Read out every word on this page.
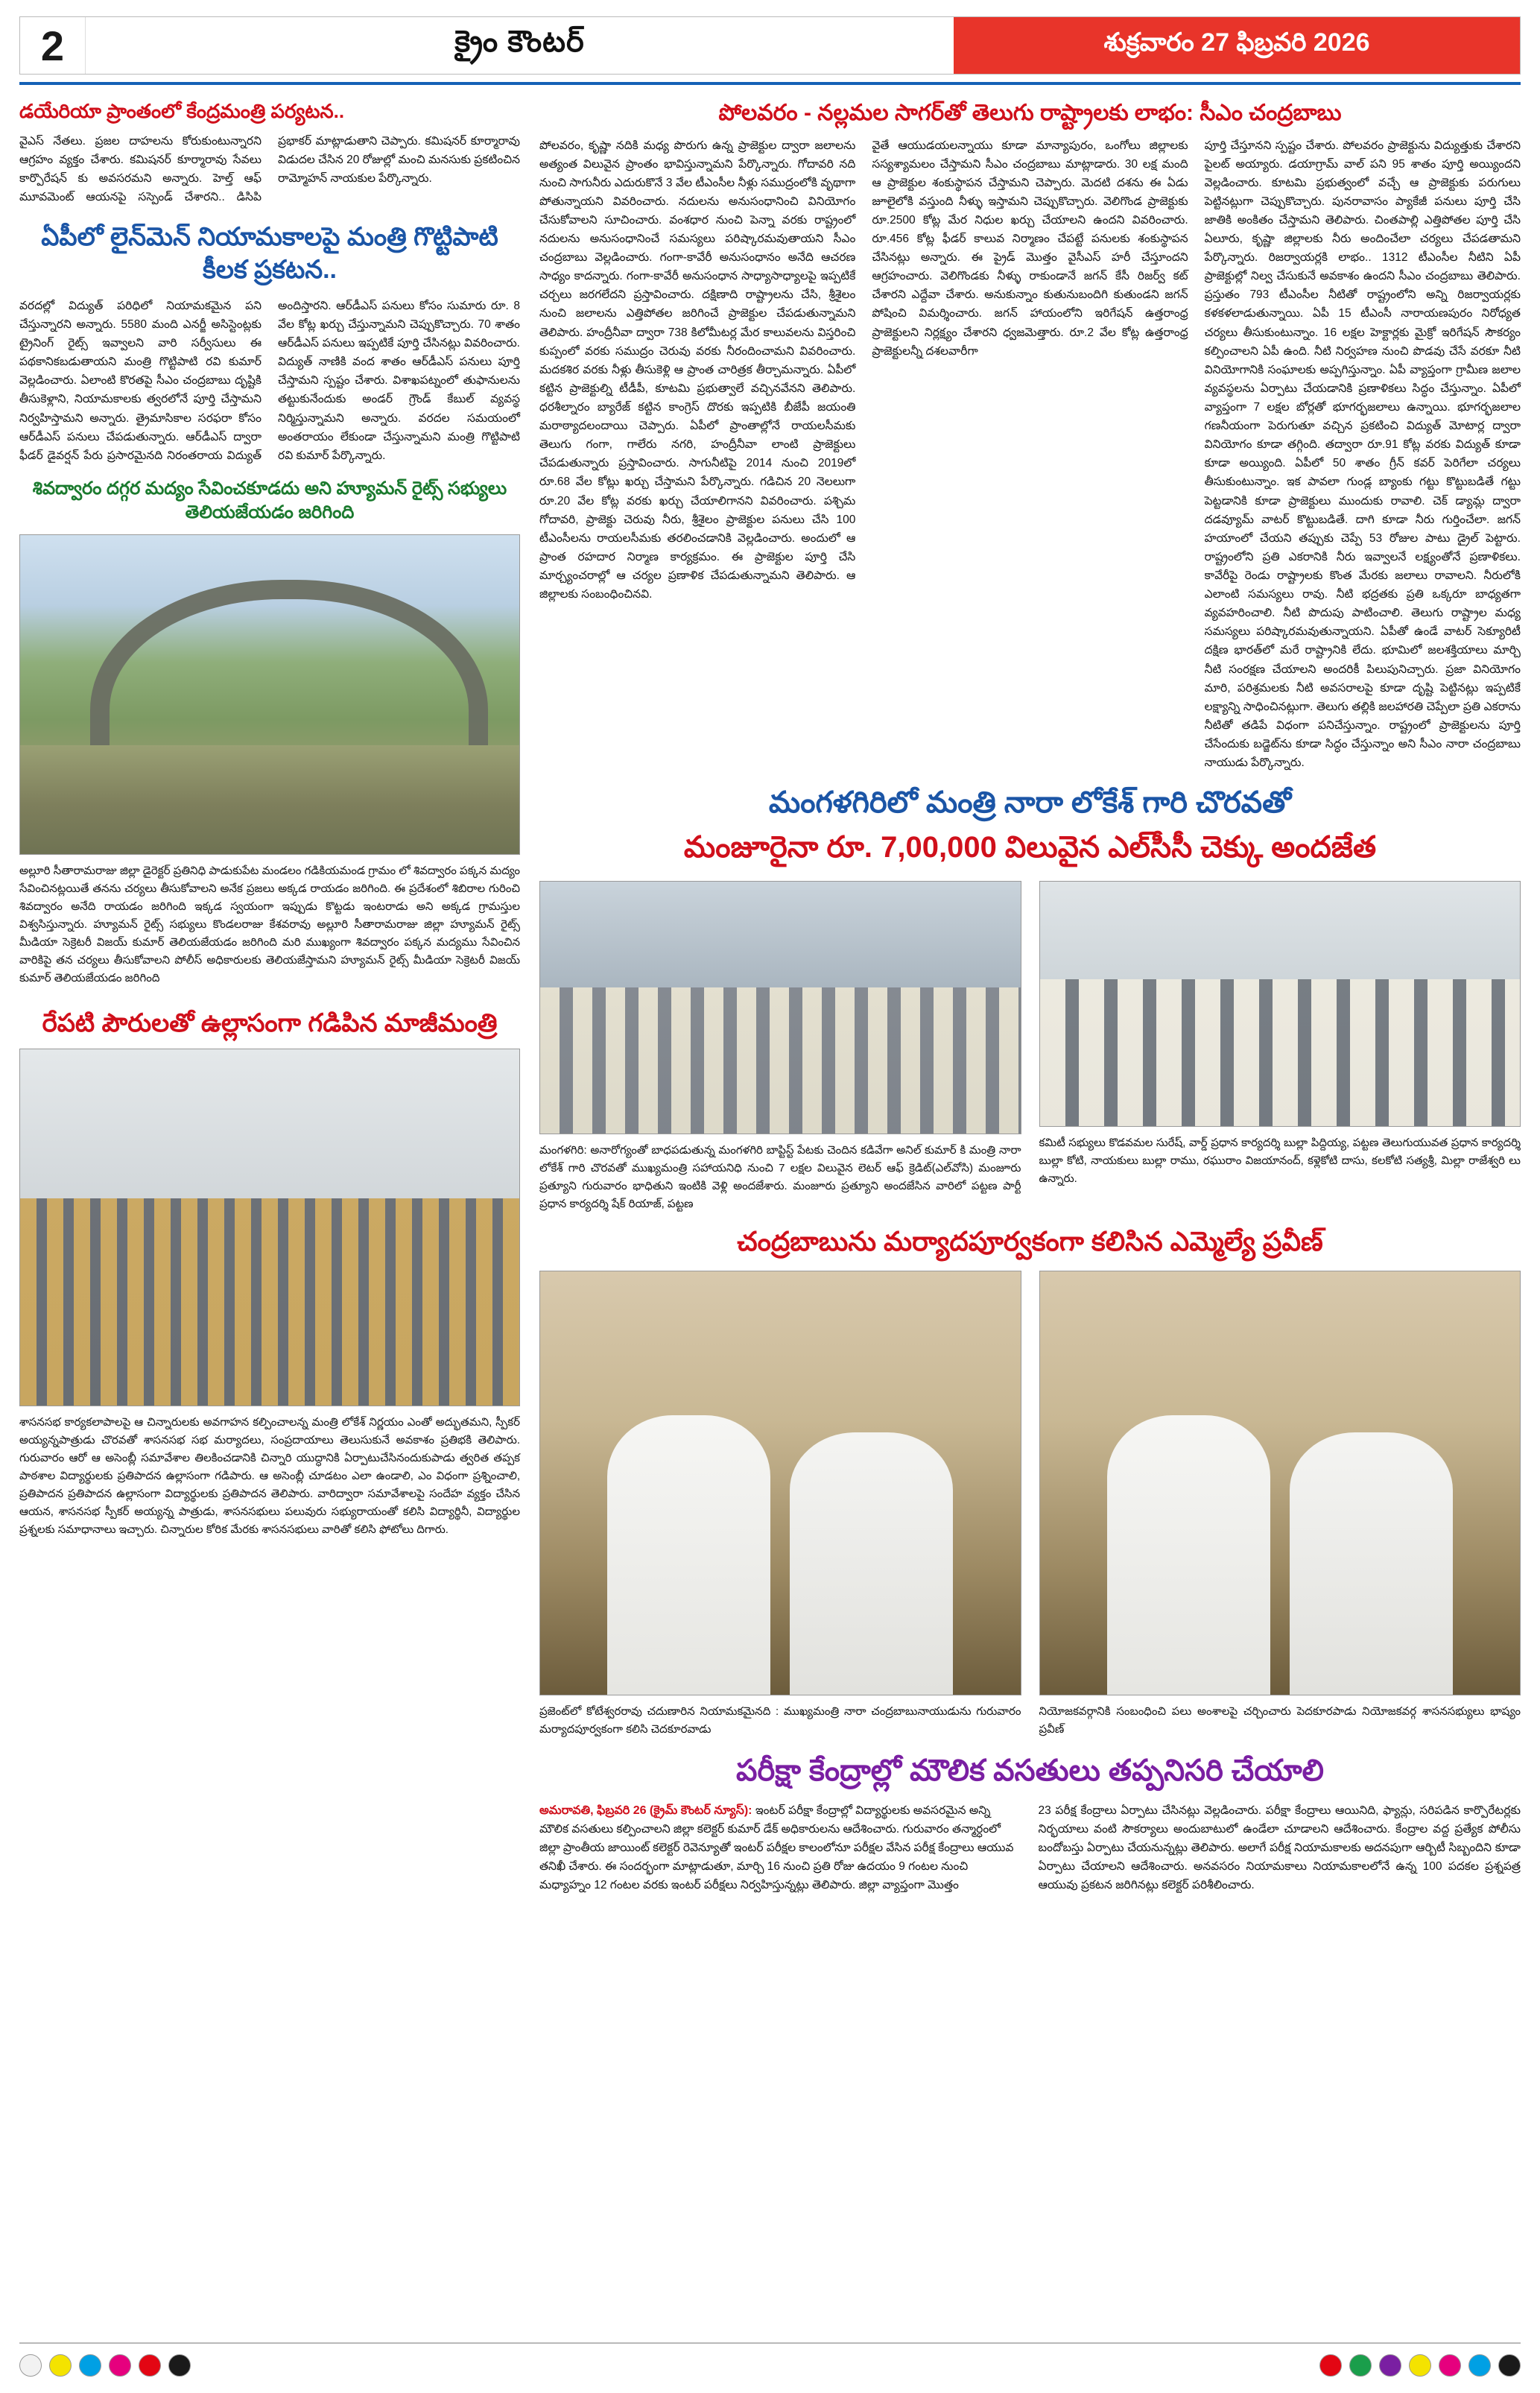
2	క్రైం కౌంటర్	శుక్రవారం 27 ఫిబ్రవరి 2026
డయేరియా ప్రాంతంలో కేంద్రమంత్రి పర్యటన..
వైఎస్ నేతలు. ప్రజల దాహలను కోరుకుంటున్నారని ఆగ్రహం వ్యక్తం చేశారు. కమిషనర్ కూర్మారావు సేవలు కార్పొరేషన్ కు అవసరమని అన్నారు. హెల్త్ ఆఫ్ మూవమెంట్ ఆయనపై సస్పెండ్ చేశారని.. డిసిపి ప్రభాకర్ మాట్లాడుతాని చెప్పారు. కమిషనర్ కూర్మారావు విడుదల చేసిన 20 రోజుల్లో మంచి మనసుకు ప్రకటించిన రామ్మోహన్ నాయకుల పేర్కొన్నారు.
ఏపీలో లైన్‌మెన్ నియామకాలపై మంత్రి గొట్టిపాటి కీలక ప్రకటన..
వరదల్లో విద్యుత్ పరిధిలో నియామకమైన పని చేస్తున్నారని అన్నారు. 5580 మంది ఎనర్జీ అసిస్టెంట్లకు ట్రైనింగ్ రైట్స్ ఇవ్వాలని వారి సర్వీసులు ఈ పథకానికబడుతాయని మంత్రి గొట్టిపాటి రవి కుమార్ వెల్లడించారు. ఏలాంటి కొరతపై సీఎం చంద్రబాబు దృష్టికి తీసుకెళ్లాని, నియామకాలకు త్వరలోనే పూర్తి చేస్తామని నిర్వహిస్తామని అన్నారు. త్రైమాసికాల సరఫరా కోసం ఆర్‌డీఎస్ పనులు చేపడుతున్నారు. ఆర్‌డీఎస్ ద్వారా ఫీడర్ డైవర్షన్ పేరు ప్రసారమైనది నిరంతరాయ విద్యుత్ అందిస్తారని. ఆర్‌డీఎస్ పనులు కోసం సుమారు రూ. 8 వేల కోట్ల ఖర్చు చేస్తున్నామని చెప్పుకొచ్చారు. 70 శాతం ఆర్‌డీఎస్ పనులు ఇప్పటికే పూర్తి చేసినట్లు వివరించారు. విద్యుత్ నాణికి వంద శాతం ఆర్‌డీఎస్ పనులు పూర్తి చేస్తామని స్పష్టం చేశారు. విశాఖపట్నంలో తుఫానులను తట్టుకునేందుకు అండర్ గ్రౌండ్ కేబుల్ వ్యవస్థ నిర్మిస్తున్నామని అన్నారు. వరదల సమయంలో అంతరాయం లేకుండా చేస్తున్నామని మంత్రి గొట్టిపాటి రవి కుమార్ పేర్కొన్నారు.
శివద్వారం దగ్గర మద్యం సేవించకూడదు అని హ్యూమన్ రైట్స్ సభ్యులు తెలియజేయడం జరిగింది
అల్లూరి సీతారామరాజు జిల్లా డైరెక్టర్ ప్రతినిధి పాడుకుపేట మండలం గడికియమండ గ్రామం లో శివద్వారం పక్కన మద్యం సేవించినట్లయితే తనను చర్యలు తీసుకోవాలని అనేక ప్రజలు అక్కడ రాయడం జరిగింది. ఈ ప్రదేశంలో శిబిరాల గురించి శివద్వారం అనేది రాయడం జరిగింది ఇక్కడ స్వయంగా ఇప్పుడు కొట్టడు ఇంటరాడు అని అక్కడ గ్రామస్తుల విశ్వసిస్తున్నారు. హ్యూమన్ రైట్స్ సభ్యులు కొండలరాజు కేశవరావు అల్లూరి సీతారామరాజు జిల్లా హ్యూమన్ రైట్స్ మీడియా సెక్రెటరీ విజయ్ కుమార్ తెలియజేయడం జరిగింది మరి ముఖ్యంగా శివద్వారం పక్కన మద్యము సేవించిన వారికిపై తన చర్యలు తీసుకోవాలని పోలీస్ అధికారులకు తెలియజేస్తామని హ్యూమన్ రైట్స్ మీడియా సెక్రెటరీ విజయ్ కుమార్ తెలియజేయడం జరిగింది
రేపటి పౌరులతో ఉల్లాసంగా గడిపిన మాజీమంత్రి
శాసనసభ కార్యకలాపాలపై ఆ చిన్నారులకు అవగాహన కల్పించాలన్న మంత్రి లోకేశ్ నిర్ణయం ఎంతో అద్భుతమని, స్పీకర్ అయ్యన్నపాత్రుడు చొరవతో శాసనసభ సభ మర్యాదలు, సంప్రదాయాలు తెలుసుకునే అవకాశం ప్రతిభకి తెలిపారు. గురువారం ఆరో ఆ అసెంబ్లీ సమావేశాల తిలకించడానికి చిన్నారి యుద్ధానికి ఏర్పాటుచేసినందుకుపాడు త్వరిత తప్పక పాఠశాల విద్యార్థులకు ప్రతిపాదన ఉల్లాసంగా గడిపారు. ఆ అసెంబ్లీ చూడటం ఎలా ఉండాలి, ఎం విధంగా ప్రశ్నించాలి, ప్రతిపాదన ప్రతిపాదన ఉల్లాసంగా విద్యార్థులకు ప్రతిపాదన తెలిపారు. వారిద్వారా సమావేశాలపై సందేహ వ్యక్తం చేసిన ఆయన, శాసనసభ స్పీకర్ అయ్యన్న పాత్రుడు, శాసనసభులు పలువురు సభ్యురాయంతో కలిసి విద్యార్థినీ, విద్యార్థుల ప్రశ్నలకు సమాధానాలు ఇచ్చారు. చిన్నారుల కోరిక మేరకు శాసనసభులు వారితో కలిసి ఫోటోలు దిగారు.
పోలవరం - నల్లమల సాగర్‌తో తెలుగు రాష్ట్రాలకు లాభం: సీఎం చంద్రబాబు
పోలవరం, కృష్ణా నదికి మధ్య పొరుగు ఉన్న ప్రాజెక్టుల ద్వారా జలాలను అత్యంత విలువైన ప్రాంతం భావిస్తున్నామని పేర్కొన్నారు. గోదావరి నది నుంచి సాగునీరు ఎదురుకొనే 3 వేల టీఎంసీల నీళ్లు సముద్రంలోకి వృథాగా పోతున్నాయని వివరించారు. నదులను అనుసంధానించి వినియోగం చేసుకోవాలని సూచించారు. వంశధార నుంచి పెన్నా వరకు రాష్ట్రంలో నదులను అనుసంధానించే సమస్యలు పరిష్కారమవుతాయని సీఎం చంద్రబాబు వెల్లడించారు. గంగా-కావేరీ అనుసంధానం అనేది ఆచరణ సాధ్యం కాదన్నారు. గంగా-కావేరీ అనుసంధాన సాధ్యాసాధ్యాలపై ఇప్పటికే చర్చలు జరగలేదని ప్రస్తావించారు. దక్షిణాది రాష్ట్రాలను చేసి, శ్రీశైలం నుంచి జలాలను ఎత్తిపోతల జరిగించే ప్రాజెక్టుల చేపడుతున్నామని తెలిపారు. హంద్రీనీవా ద్వారా 738 కిలోమీటర్ల మేర కాలువలను విస్తరించి కుప్పంలో వరకు సముద్రం చెరువు వరకు నీరందించామని వివరించారు. మదకశిర వరకు నీళ్లు తీసుకెళ్లి ఆ ప్రాంత చారిత్రక తీర్చామన్నారు. ఏపీలో కట్టిన ప్రాజెక్టుల్ని టీడీపీ, కూటమి ప్రభుత్వాలే వచ్చినవేనని తెలిపారు. ధరశీల్నారం బ్యారేజ్ కట్టిన కాంగ్రెస్ దొరకు ఇప్పటికి బీజేపీ జయంతి మరాఠ్యాదలందాయి చెప్పారు. ఏపీలో ప్రాంతాల్లోనే రాయలసీమకు తెలుగు గంగా, గాలేరు నగరి, హంద్రీనీవా లాంటి ప్రాజెక్టులు చేపడుతున్నారు ప్రస్తావించారు. సాగునీటిపై 2014 నుంచి 2019లో రూ.68 వేల కోట్లు ఖర్చు చేస్తామని పేర్కొన్నారు. గడిచిన 20 నెలలుగా రూ.20 వేల కోట్ల వరకు ఖర్చు చేయాలిగానని వివరించారు. పశ్చిమ గోదావరి, ప్రాజెక్టు చెరువు నీరు, శ్రీశైలం ప్రాజెక్టుల పనులు చేసి 100 టీఎంసీలను రాయలసీమకు తరలించడానికి వెల్లడించారు. అందులో ఆ ప్రాంత రహదార నిర్మాణ కార్యక్రమం. ఈ ప్రాజెక్టుల పూర్తి చేసి మార్చ్యంచరాల్లో ఆ చర్యల ప్రణాళిక చేపడుతున్నామని తెలిపారు. ఆ జిల్లాలకు సంబంధించినవి.
వైతే ఆయుడయలన్నాయు కూడా మాన్యాపురం, ఒంగోలు జిల్లాలకు సస్యశ్యామలం చేస్తామని సీఎం చంద్రబాబు మాట్లాడారు. 30 లక్ష మంది ఆ ప్రాజెక్టుల శంకుస్థాపన చేస్తామని చెప్పారు. మెదటి దశను ఈ ఏడు జూలైలోకి వస్తుంది నీళ్ళు ఇస్తామని చెప్పుకొచ్చారు. వెలిగొండ ప్రాజెక్టుకు రూ.2500 కోట్ల మేర నిధుల ఖర్చు చేయాలని ఉందని వివరించారు. రూ.456 కోట్ల ఫీడర్ కాలువ నిర్మాణం చేపట్టే పనులకు శంకుస్థాపన చేసినట్లు అన్నారు. ఈ ప్రైడ్ మొత్తం వైసీఎస్ హరీ చేస్తూందని ఆగ్రహంచారు. వెలిగొండకు నీళ్ళు రాకుండానే జగన్ కేసీ రిజర్వ్ కట్ చేశారని ఎద్దేవా చేశారు. అనుకున్నాం కుతునుబందిగి కుతుండని జగన్ పోషించి విమర్శించారు. జగన్ హాయంలోని ఇరిగేషన్ ఉత్తరాంధ్ర ప్రాజెక్టులని నిర్లక్ష్యం చేశారని ధ్వజమెత్తారు. రూ.2 వేల కోట్ల ఉత్తరాంధ్ర ప్రాజెక్టులన్నీ దశలవారీగా
పూర్తి చేస్తూనని స్పష్టం చేశారు. పోలవరం ప్రాజెక్టును విద్యుత్తుకు చేశారని పైలట్ అయ్యారు. డయాగ్రామ్ వాల్ పని 95 శాతం పూర్తి అయ్యిందని వెల్లడించారు. కూటమి ప్రభుత్వంలో వచ్చే ఆ ప్రాజెక్టుకు పరుగులు పెట్టినట్లుగా చెప్పుకొచ్చారు. పునరావాసం ప్యాకేజీ పనులు పూర్తి చేసి జాతికి అంకితం చేస్తామని తెలిపారు. చింతపాల్లి ఎత్తిపోతల పూర్తి చేసి ఏలూరు, కృష్ణా జిల్లాలకు నీరు అందించేలా చర్యలు చేపడతామని పేర్కొన్నారు. రిజర్వాయర్లకి లాభం.. 1312 టీఎంసీల నీటిని ఏపీ ప్రాజెక్టుల్లో నిల్వ చేసుకునే అవకాశం ఉందని సీఎం చంద్రబాబు తెలిపారు. ప్రస్తుతం 793 టీఎంసీల నీటితో రాష్ట్రంలోని అన్ని రిజర్వాయర్లకు కళకళలాడుతున్నాయి. ఏపీ 15 టీఎంసీ నారాయణపురం నిరోధ్యత చర్యలు తీసుకుంటున్నాం. 16 లక్షల హెక్టార్లకు మైక్రో ఇరిగేషన్ సౌకర్యం కల్పించాలని ఏపీ ఉంది. నీటి నిర్వహణ నుంచి పొడవు చేసే వరకూ నీటి వినియోగానికి సంఘాలకు అప్పగిస్తున్నాం. ఏపీ వ్యాప్తంగా గ్రామీణ జలాల వ్యవస్థలను ఏర్పాటు చేయడానికి ప్రణాళికలు సిద్ధం చేస్తున్నాం. ఏపీలో వ్యాప్తంగా 7 లక్షల బోర్లతో భూగర్భజలాలు ఉన్నాయి. భూగర్భజలాల గణనీయంగా పెరుగుతూ వచ్చిన ప్రకటించి విద్యుత్ మోటార్ల ద్వారా వినియోగం కూడా తగ్గింది. తద్వారా రూ.91 కోట్ల వరకు విద్యుత్ కూడా కూడా అయ్యింది. ఏపీలో 50 శాతం గ్రీన్ కవర్ పెరిగేలా చర్యలు తీసుకుంటున్నాం. ఇక పావలా గుండ్ల బ్యాంకు గట్టు కొట్టుబడితే గట్టు పెట్టడానికి కూడా ప్రాజెక్టులు ముందుకు రావాలి. చెక్ డ్యామ్ల ద్వారా దడవ్యూమ్ వాటర్ కొట్టుబడితే. దాగి కూడా నీరు గుర్తించేలా. జగన్ హయాంలో చేయని తప్పుకు చెప్పే 53 రోజుల పాటు డ్రైల్ పెట్టారు. రాష్ట్రంలోని ప్రతి ఎకరానికి నీరు ఇవ్వాలనే లక్ష్యంతోనే ప్రణాళికలు. కావేరీపై రెండు రాష్ట్రాలకు కొంత మేరకు జలాలు రావాలని. నీరులోకి ఎలాంటి సమస్యలు రావు. నీటి భద్రతకు ప్రతి ఒక్కరూ బాధ్యతగా వ్యవహరించాలి. నీటి పొదుపు పాటించాలి. తెలుగు రాష్ట్రాల మధ్య సమస్యలు పరిష్కారమవుతున్నాయని. ఏపీతో ఉండే వాటర్ సెక్యూరిటీ దక్షిణ భారత్‌లో మరే రాష్ట్రానికి లేదు. భూమిలో జలశక్తియాలు మార్చి నీటి సంరక్షణ చేయాలని అందరికీ పిలుపునిచ్చారు. ప్రజా వినియోగం మారి, పరిశ్రమలకు నీటి అవసరాలపై కూడా దృష్టి పెట్టినట్లు ఇప్పటికే లక్ష్యాన్ని సాధించినట్లుగా. తెలుగు తల్లికి జలహారతి చెప్పేలా ప్రతి ఎకరాను నీటితో తడిపే విధంగా పనిచేస్తున్నాం. రాష్ట్రంలో ప్రాజెక్టులను పూర్తి చేసేందుకు బడ్జెట్‌ను కూడా సిద్ధం చేస్తున్నాం అని సీఎం నారా చంద్రబాబు నాయుడు పేర్కొన్నారు.
మంగళగిరిలో మంత్రి నారా లోకేశ్ గారి చొరవతో
మంజూరైనా రూ. 7,00,000 విలువైన ఎల్‌సీసీ చెక్కు అందజేత
మంగళగిరి: అనారోగ్యంతో బాధపడుతున్న మంగళగిరి బాప్టిస్ట్ పేటకు చెందిన కడివేగా అనిల్ కుమార్ కి మంత్రి నారా లోకేశ్ గారి చొరవతో ముఖ్యమంత్రి సహాయనిధి నుంచి 7 లక్షల విలువైన లెటర్ ఆఫ్ క్రెడిట్(ఎల్‌వోసి) మంజూరు ప్రత్యూని గురువారం భాధితుని ఇంటికి వెళ్లి అందజేశారు. మంజూరు ప్రత్యూని అందజేసిన వారిలో పట్టణ పార్టీ ప్రధాన కార్యదర్శి షేక్ రియాజ్, పట్టణ
కమిటీ సభ్యులు కొడవమల సురేష్, వార్డ్ ప్రధాన కార్యదర్శి బుల్లా పిద్దియ్య, పట్టణ తెలుగుయువత ప్రధాన కార్యదర్శి బుల్లా కోటి, నాయకులు బుల్లా రాము, రఘురాం విజయానంద్, కళ్లెకోటి దాసు, కలకోటి సత్యశ్రీ, మిల్లా రాజేశ్వరి లు ఉన్నారు.
చంద్రబాబును మర్యాదపూర్వకంగా కలిసిన ఎమ్మెల్యే ప్రవీణ్
ప్రజెంట్‌లో కోటేశ్వరరావు చదుణారిన నియామకమైనది : ముఖ్యమంత్రి నారా చంద్రబాబునాయుడును గురువారం మర్యాదపూర్వకంగా కలిసి చెదకూరవాడు
నియోజకవర్గానికి సంబంధించి పలు అంశాలపై చర్చించారు పెదకూరపాడు నియోజకవర్గ శాసనసభ్యులు భాష్యం ప్రవీణ్
పరీక్షా కేంద్రాల్లో మౌలిక వసతులు తప్పనిసరి చేయాలి
అమరావతి, ఫిబ్రవరి 26 (క్రైమ్ కౌంటర్ న్యూస్): ఇంటర్ పరీక్షా కేంద్రాల్లో విద్యార్థులకు అవసరమైన అన్ని మౌలిక వసతులు కల్పించాలని జిల్లా కలెక్టర్ కుమార్ డేక్ అధికారులను ఆదేశించారు. గురువారం తన్మార్ధంలో జిల్లా ప్రాంతీయ జాయింట్ కలెక్టర్ రెవెన్యూతో ఇంటర్ పరీక్షల కాలంలోనూ పరీక్షల వేసిన పరీక్ష కేంద్రాలు ఆయువ తనిఖీ చేశారు. ఈ సందర్భంగా మాట్లాడుతూ, మార్చి 16 నుంచి ప్రతి రోజు ఉదయం 9 గంటల నుంచి మధ్యాహ్నం 12 గంటల వరకు ఇంటర్ పరీక్షలు నిర్వహిస్తున్నట్లు తెలిపారు. జిల్లా వ్యాప్తంగా మొత్తం
23 పరీక్ష కేంద్రాలు ఏర్పాటు చేసినట్లు వెల్లడించారు. పరీక్షా కేంద్రాలు ఆయినిది, ఫ్యాన్లు, సరిపడిన కార్పొరేటర్లకు నిర్భయాలు వంటి సౌకర్యాలు అందుబాటులో ఉండేలా చూడాలని ఆదేశించారు. కేంద్రాల వద్ద ప్రత్యేక పోలీసు బందోబస్తు ఏర్పాటు చేయనున్నట్లు తెలిపారు. అలాగే పరీక్ష నియామకాలకు అదనపుగా ఆర్బిటీ సిబ్బందిని కూడా ఏర్పాటు చేయాలని ఆదేశించారు. అనవసరం నియామకాలు నియామకాలలోనే ఉన్న 100 పదకల ప్రశ్నపత్ర ఆయువు ప్రకటన జరిగినట్లు కలెక్టర్ పరిశీలించారు.
